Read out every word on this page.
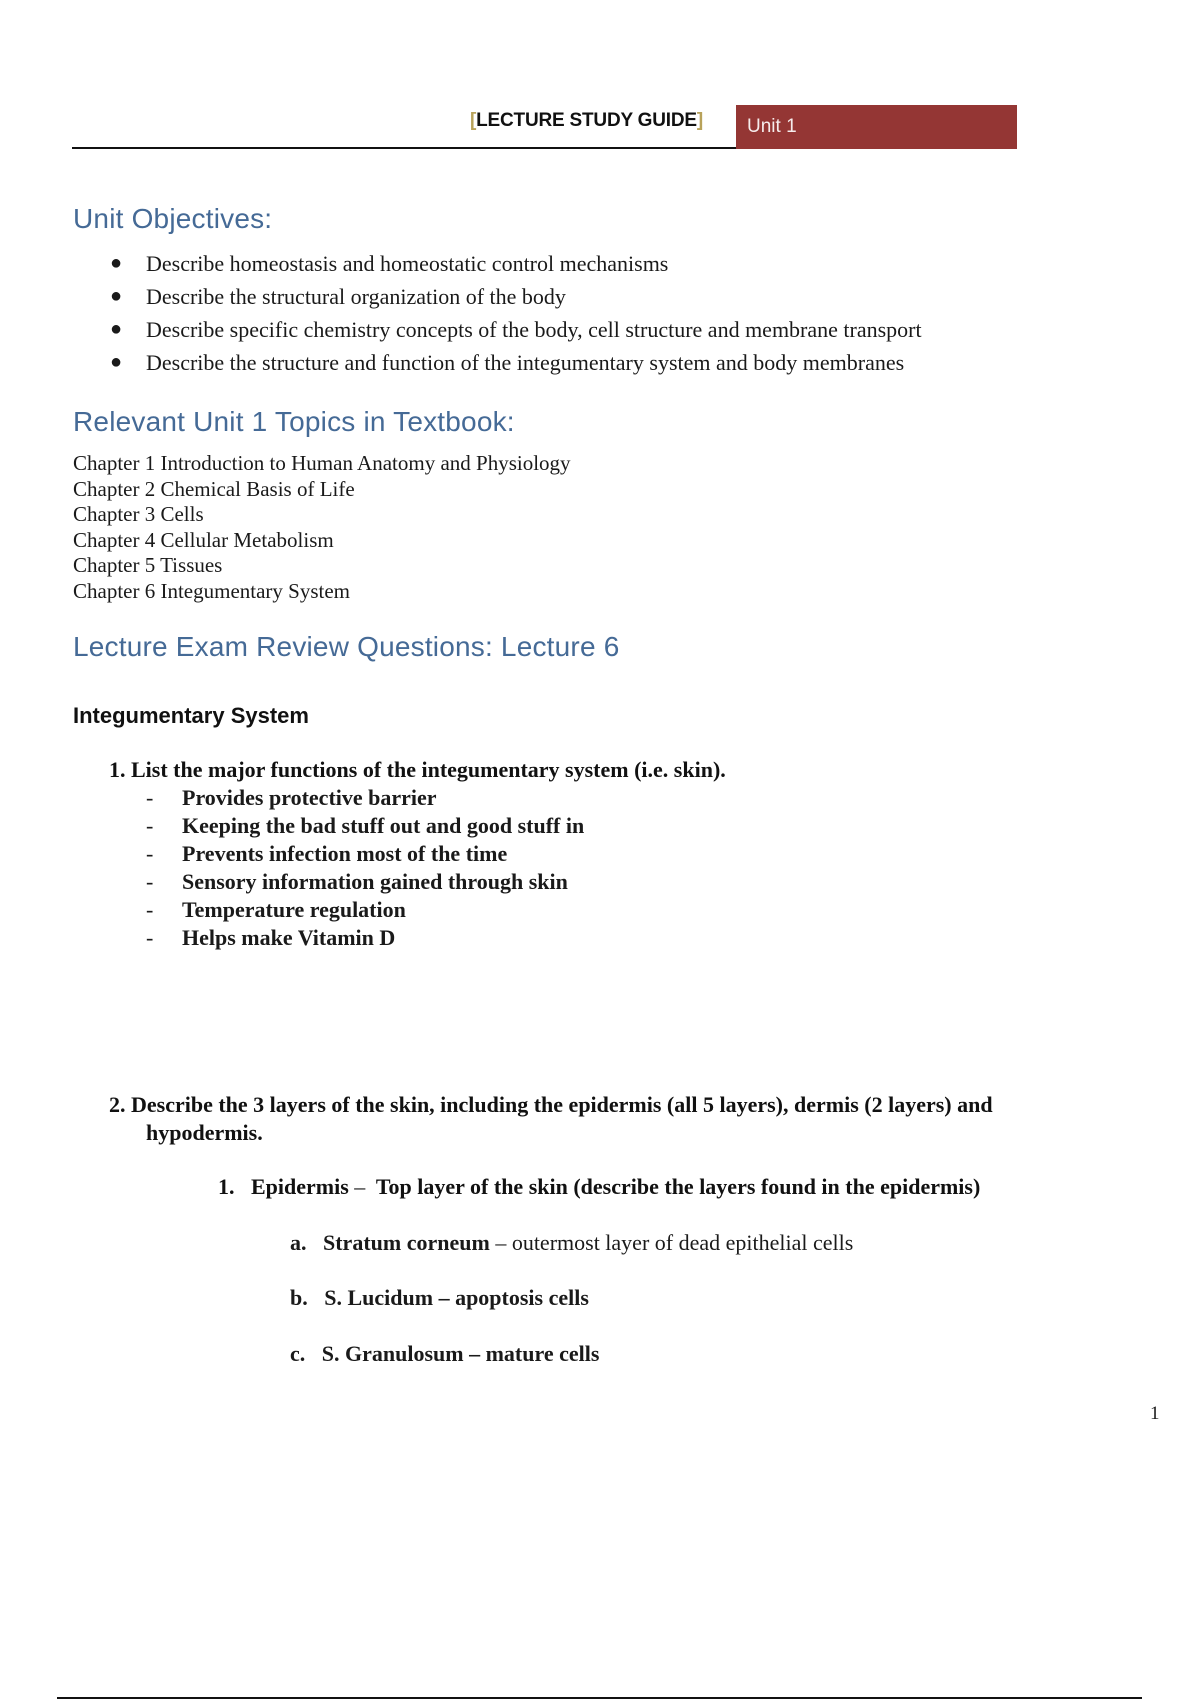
[LECTURE STUDY GUIDE]	Unit 1
Unit Objectives:
● Describe homeostasis and homeostatic control mechanisms
● Describe the structural organization of the body
● Describe specific chemistry concepts of the body, cell structure and membrane transport
● Describe the structure and function of the integumentary system and body membranes
Relevant Unit 1 Topics in Textbook:
Chapter 1 Introduction to Human Anatomy and Physiology
Chapter 2 Chemical Basis of Life
Chapter 3 Cells
Chapter 4 Cellular Metabolism
Chapter 5 Tissues
Chapter 6 Integumentary System
Lecture Exam Review Questions: Lecture 6
Integumentary System
1. List the major functions of the integumentary system (i.e. skin).
- Provides protective barrier
- Keeping the bad stuff out and good stuff in
- Prevents infection most of the time
- Sensory information gained through skin
- Temperature regulation
- Helps make Vitamin D
2. Describe the 3 layers of the skin, including the epidermis (all 5 layers), dermis (2 layers) and
hypodermis.
1. Epidermis – Top layer of the skin (describe the layers found in the epidermis)
a. Stratum corneum – outermost layer of dead epithelial cells
b. S. Lucidum – apoptosis cells
c. S. Granulosum – mature cells
1
